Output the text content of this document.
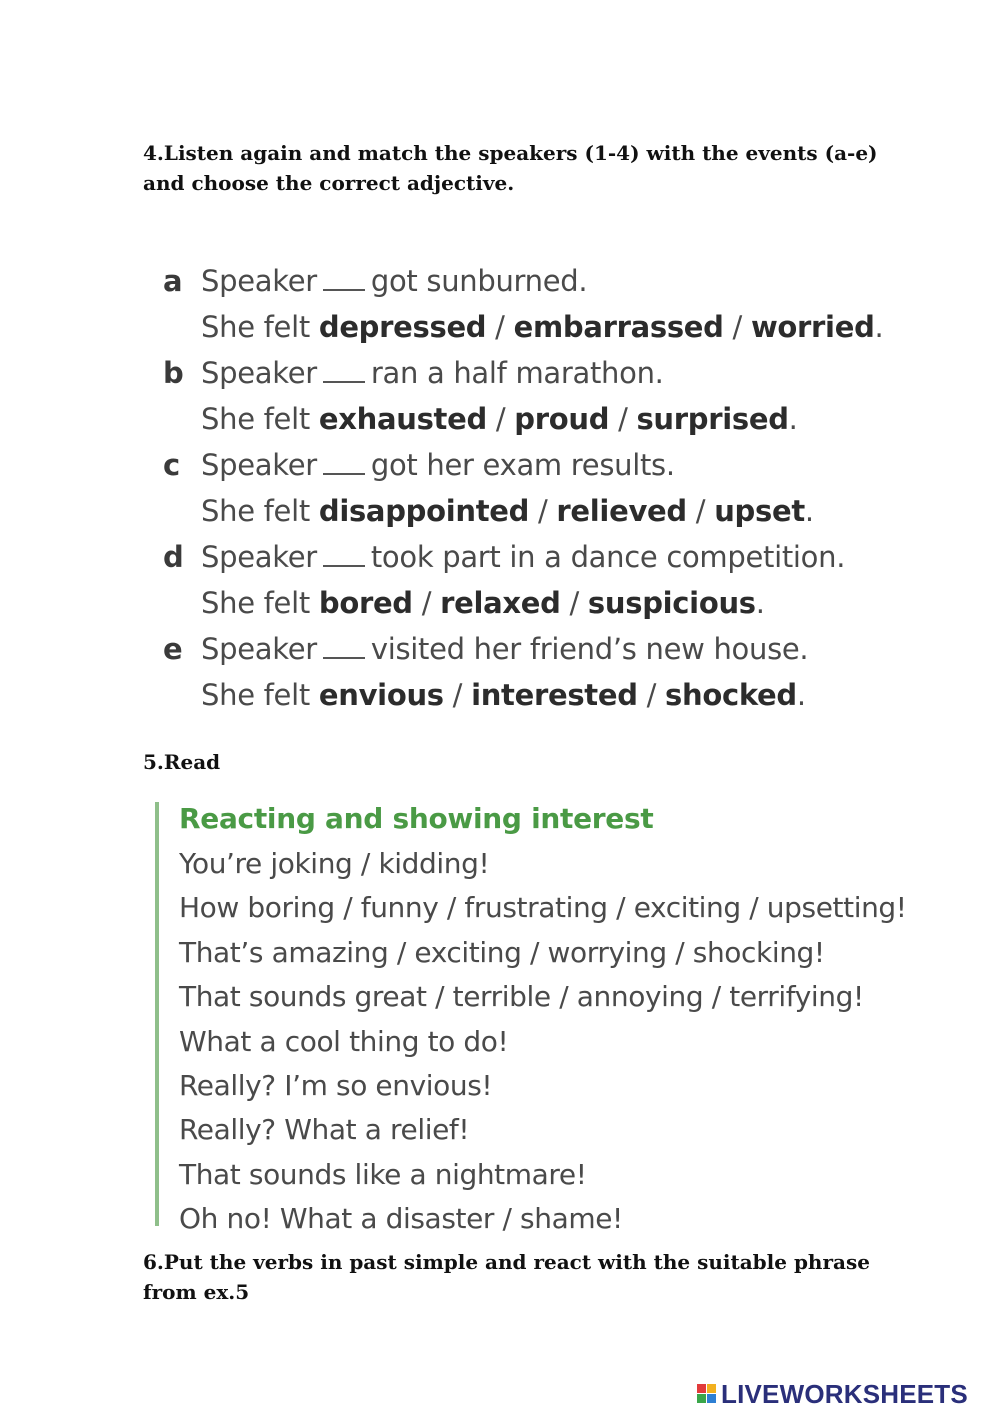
4.Listen again and match the speakers (1-4) with the events (a-e) and choose the correct adjective.
a Speaker got sunburned.
She felt depressed / embarrassed / worried.
b Speaker ran a half marathon.
She felt exhausted / proud / surprised.
c Speaker got her exam results.
She felt disappointed / relieved / upset.
d Speaker took part in a dance competition.
She felt bored / relaxed / suspicious.
e Speaker visited her friend’s new house.
She felt envious / interested / shocked.
5.Read
Reacting and showing interest
You’re joking / kidding!
How boring / funny / frustrating / exciting / upsetting!
That’s amazing / exciting / worrying / shocking!
That sounds great / terrible / annoying / terrifying!
What a cool thing to do!
Really? I’m so envious!
Really? What a relief!
That sounds like a nightmare!
Oh no! What a disaster / shame!
6.Put the verbs in past simple and react with the suitable phrase from ex.5
LIVEWORKSHEETS
